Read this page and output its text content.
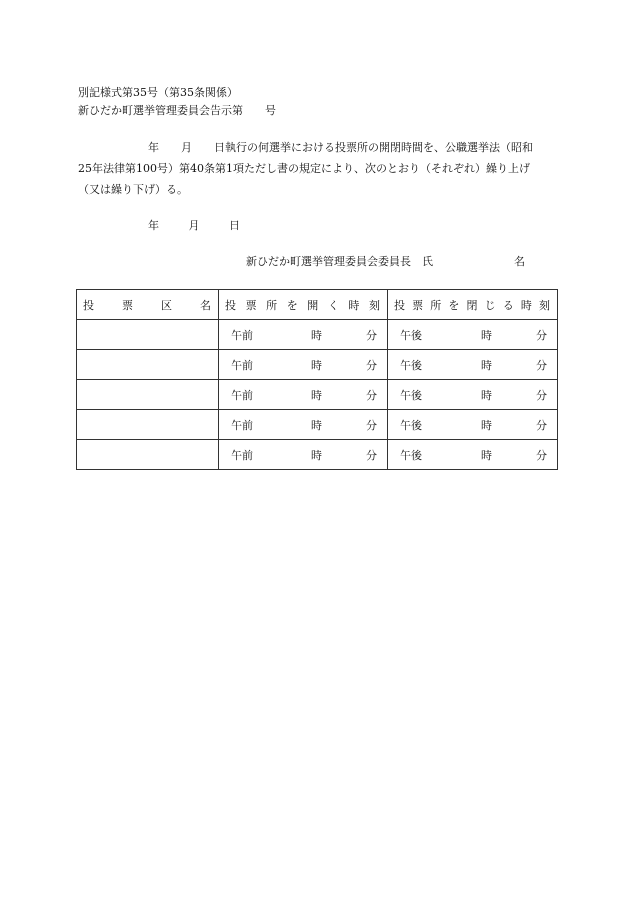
別記様式第35号（第35条関係）
新ひだか町選挙管理委員会告示第　　号
年　　月　　日執行の何選挙における投票所の開閉時間を、公職選挙法（昭和
25年法律第100号）第40条第1項ただし書の規定により、次のとおり（それぞれ）繰り上げ
（又は繰り下げ）る。
年	月	日
新ひだか町選挙管理委員会委員長　氏	名
投票区名	投票所を開く時刻	投票所を閉じる時刻

	午前 時 分	午後 時 分

	午前 時 分	午後 時 分

	午前 時 分	午後 時 分

	午前 時 分	午後 時 分

	午前 時 分	午後 時 分
